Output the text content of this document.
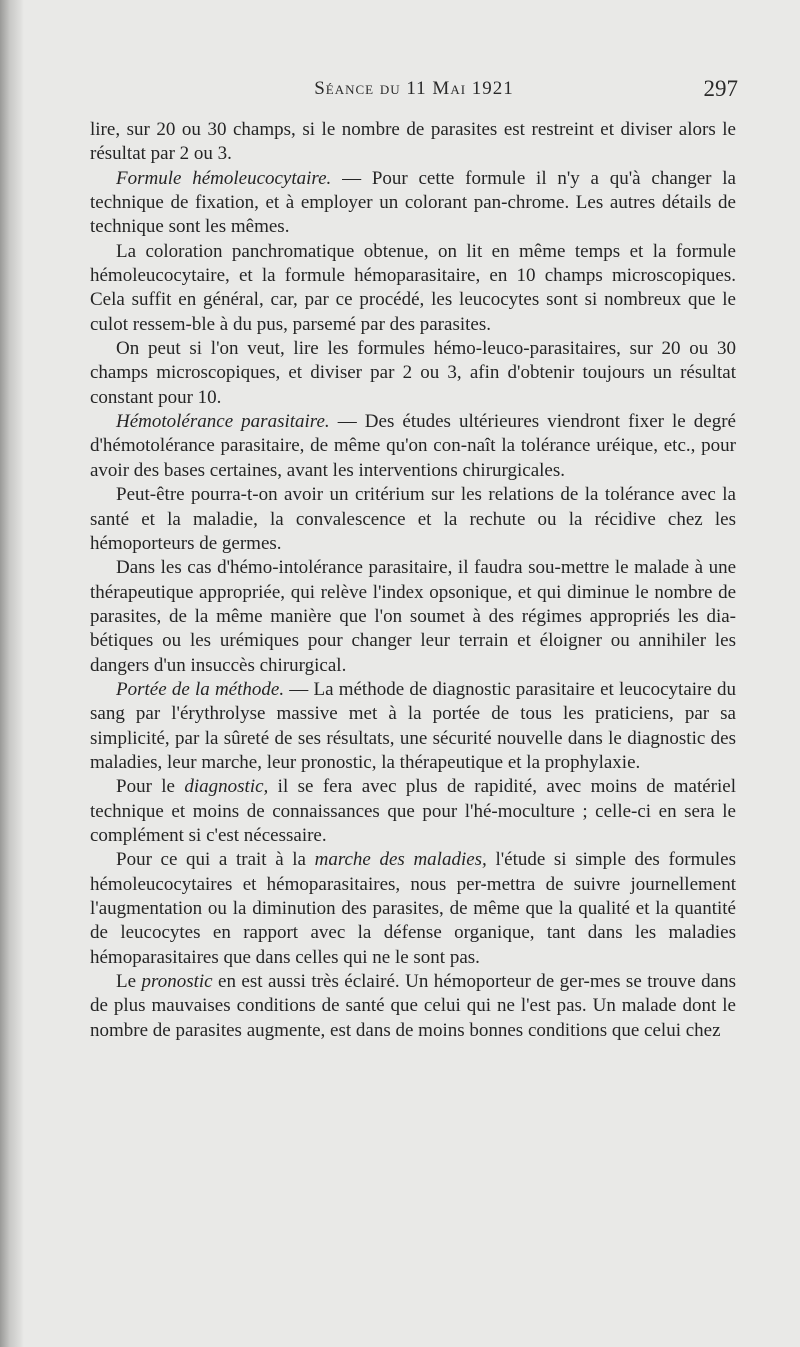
Séance du 11 Mai 1921	297

lire, sur 20 ou 30 champs, si le nombre de parasites est restreint et diviser alors le résultat par 2 ou 3.

Formule hémoleucocytaire. — Pour cette formule il n'y a qu'à changer la technique de fixation, et à employer un colorant pan-chrome. Les autres détails de technique sont les mêmes.

La coloration panchromatique obtenue, on lit en même temps et la formule hémoleucocytaire, et la formule hémoparasitaire, en 10 champs microscopiques. Cela suffit en général, car, par ce procédé, les leucocytes sont si nombreux que le culot ressem-ble à du pus, parsemé par des parasites.

On peut si l'on veut, lire les formules hémo-leuco-parasitaires, sur 20 ou 30 champs microscopiques, et diviser par 2 ou 3, afin d'obtenir toujours un résultat constant pour 10.

Hémotolérance parasitaire. — Des études ultérieures viendront fixer le degré d'hémotolérance parasitaire, de même qu'on con-naît la tolérance uréique, etc., pour avoir des bases certaines, avant les interventions chirurgicales.

Peut-être pourra-t-on avoir un critérium sur les relations de la tolérance avec la santé et la maladie, la convalescence et la rechute ou la récidive chez les hémoporteurs de germes.

Dans les cas d'hémo-intolérance parasitaire, il faudra sou-mettre le malade à une thérapeutique appropriée, qui relève l'index opsonique, et qui diminue le nombre de parasites, de la même manière que l'on soumet à des régimes appropriés les dia-bétiques ou les urémiques pour changer leur terrain et éloigner ou annihiler les dangers d'un insuccès chirurgical.

Portée de la méthode. — La méthode de diagnostic parasitaire et leucocytaire du sang par l'érythrolyse massive met à la portée de tous les praticiens, par sa simplicité, par la sûreté de ses résultats, une sécurité nouvelle dans le diagnostic des maladies, leur marche, leur pronostic, la thérapeutique et la prophylaxie.

Pour le diagnostic, il se fera avec plus de rapidité, avec moins de matériel technique et moins de connaissances que pour l'hé-moculture ; celle-ci en sera le complément si c'est nécessaire.

Pour ce qui a trait à la marche des maladies, l'étude si simple des formules hémoleucocytaires et hémoparasitaires, nous per-mettra de suivre journellement l'augmentation ou la diminution des parasites, de même que la qualité et la quantité de leucocytes en rapport avec la défense organique, tant dans les maladies hémoparasitaires que dans celles qui ne le sont pas.

Le pronostic en est aussi très éclairé. Un hémoporteur de ger-mes se trouve dans de plus mauvaises conditions de santé que celui qui ne l'est pas. Un malade dont le nombre de parasites augmente, est dans de moins bonnes conditions que celui chez
